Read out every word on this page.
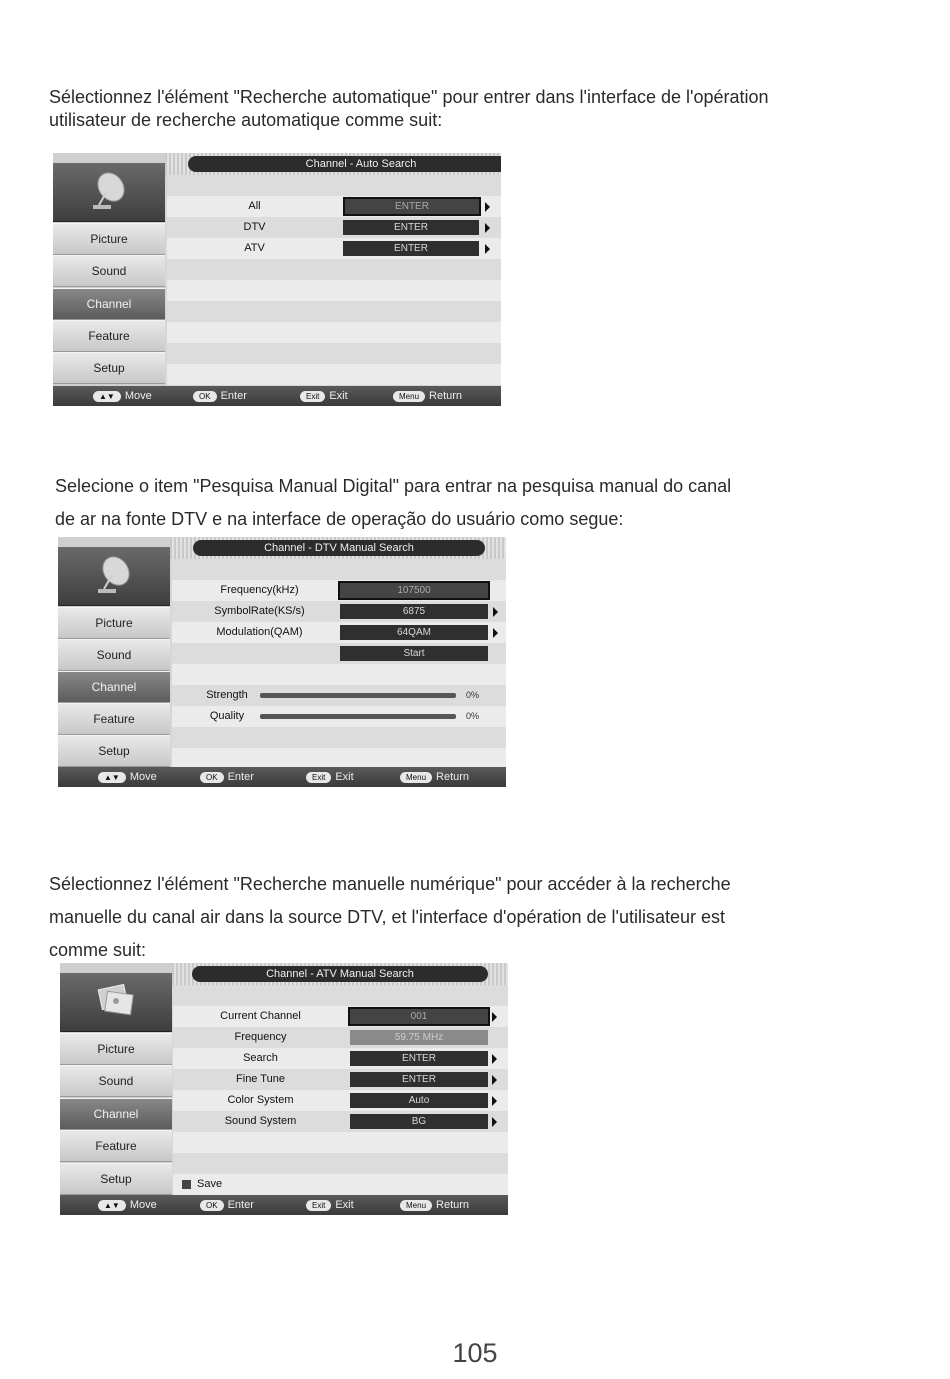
Sélectionnez l'élément "Recherche automatique" pour entrer dans l'interface de l'opération
utilisateur de recherche automatique comme suit:
Channel - Auto Search
Picture
Sound
Channel
Feature
Setup
All	ENTER
DTV	ENTER
ATV	ENTER
▲▼ Move	OK Enter	Exit Exit	Menu Return
Selecione o item "Pesquisa Manual Digital" para entrar na pesquisa manual do canal
de ar na fonte DTV e na interface de operação do usuário como segue:
Channel - DTV Manual Search
Picture
Sound
Channel
Feature
Setup
Frequency(kHz)	107500
SymbolRate(KS/s)	6875
Modulation(QAM)	64QAM
Start
Strength	0%
Quality	0%
▲▼ Move	OK Enter	Exit Exit	Menu Return
Sélectionnez l'élément "Recherche manuelle numérique" pour accéder à la recherche
manuelle du canal air dans la source DTV, et l'interface d'opération de l'utilisateur est
comme suit:
Channel - ATV Manual Search
Picture
Sound
Channel
Feature
Setup
Current Channel	001
Frequency	59.75 MHz
Search	ENTER
Fine Tune	ENTER
Color System	Auto
Sound System	BG
Save
▲▼ Move	OK Enter	Exit Exit	Menu Return
105
